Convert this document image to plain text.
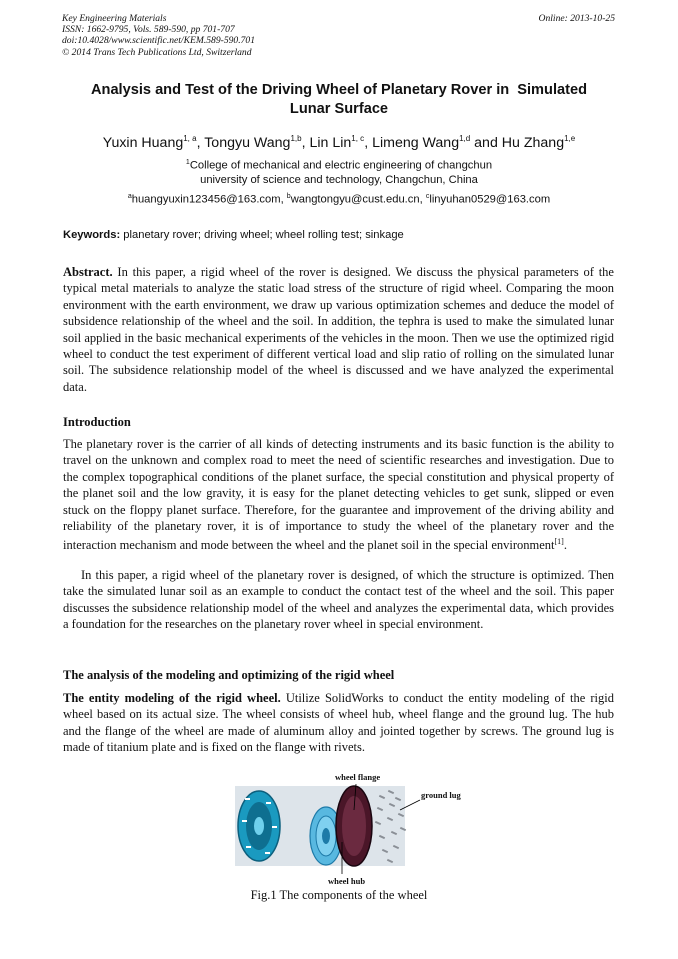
Key Engineering Materials
ISSN: 1662-9795, Vols. 589-590, pp 701-707
doi:10.4028/www.scientific.net/KEM.589-590.701
© 2014 Trans Tech Publications Ltd, Switzerland
Online: 2013-10-25
Analysis and Test of the Driving Wheel of Planetary Rover in  Simulated
Lunar Surface
Yuxin Huang$^{1, a}$, Tongyu Wang$^{1,b}$, Lin Lin$^{1, c}$, Limeng Wang$^{1,d}$ and Hu Zhang$^{1,e}$
$^1$College of mechanical and electric engineering of changchun
university of science and technology, Changchun, China
$^a$huangyuxin123456@163.com, $^b$wangtongyu@cust.edu.cn, $^c$linyuhan0529@163.com
Keywords: planetary rover; driving wheel; wheel rolling test; sinkage
Abstract. In this paper, a rigid wheel of the rover is designed. We discuss the physical parameters of the typical metal materials to analyze the static load stress of the structure of rigid wheel. Comparing the moon environment with the earth environment, we draw up various optimization schemes and deduce the model of subsidence relationship of the wheel and the soil. In addition, the tephra is used to make the simulated lunar soil applied in the basic mechanical experiments of the vehicles in the moon. Then we use the optimized rigid wheel to conduct the test experiment of different vertical load and slip ratio of rolling on the simulated lunar soil. The subsidence relationship model of the wheel is discussed and we have analyzed the experimental data.
Introduction
The planetary rover is the carrier of all kinds of detecting instruments and its basic function is the ability to travel on the unknown and complex road to meet the need of scientific researches and investigation. Due to the complex topographical conditions of the planet surface, the special constitution and physical property of the planet soil and the low gravity, it is easy for the planet detecting vehicles to get sunk, slipped or even stuck on the floppy planet surface. Therefore, for the guarantee and improvement of the driving ability and reliability of the planetary rover, it is of importance to study the wheel of the planetary rover and the interaction mechanism and mode between the wheel and the planet soil in the special environment[1].
In this paper, a rigid wheel of the planetary rover is designed, of which the structure is optimized. Then take the simulated lunar soil as an example to conduct the contact test of the wheel and the soil. This paper discusses the subsidence relationship model of the wheel and analyzes the experimental data, which provides a foundation for the researches on the planetary rover wheel in special environment.
The analysis of the modeling and optimizing of the rigid wheel
The entity modeling of the rigid wheel. Utilize SolidWorks to conduct the entity modeling of the rigid wheel based on its actual size. The wheel consists of wheel hub, wheel flange and the ground lug. The hub and the flange of the wheel are made of aluminum alloy and jointed together by screws. The ground lug is made of titanium plate and is fixed on the flange with rivets.
wheel flange
ground lug
wheel hub
Fig.1 The components of the wheel
